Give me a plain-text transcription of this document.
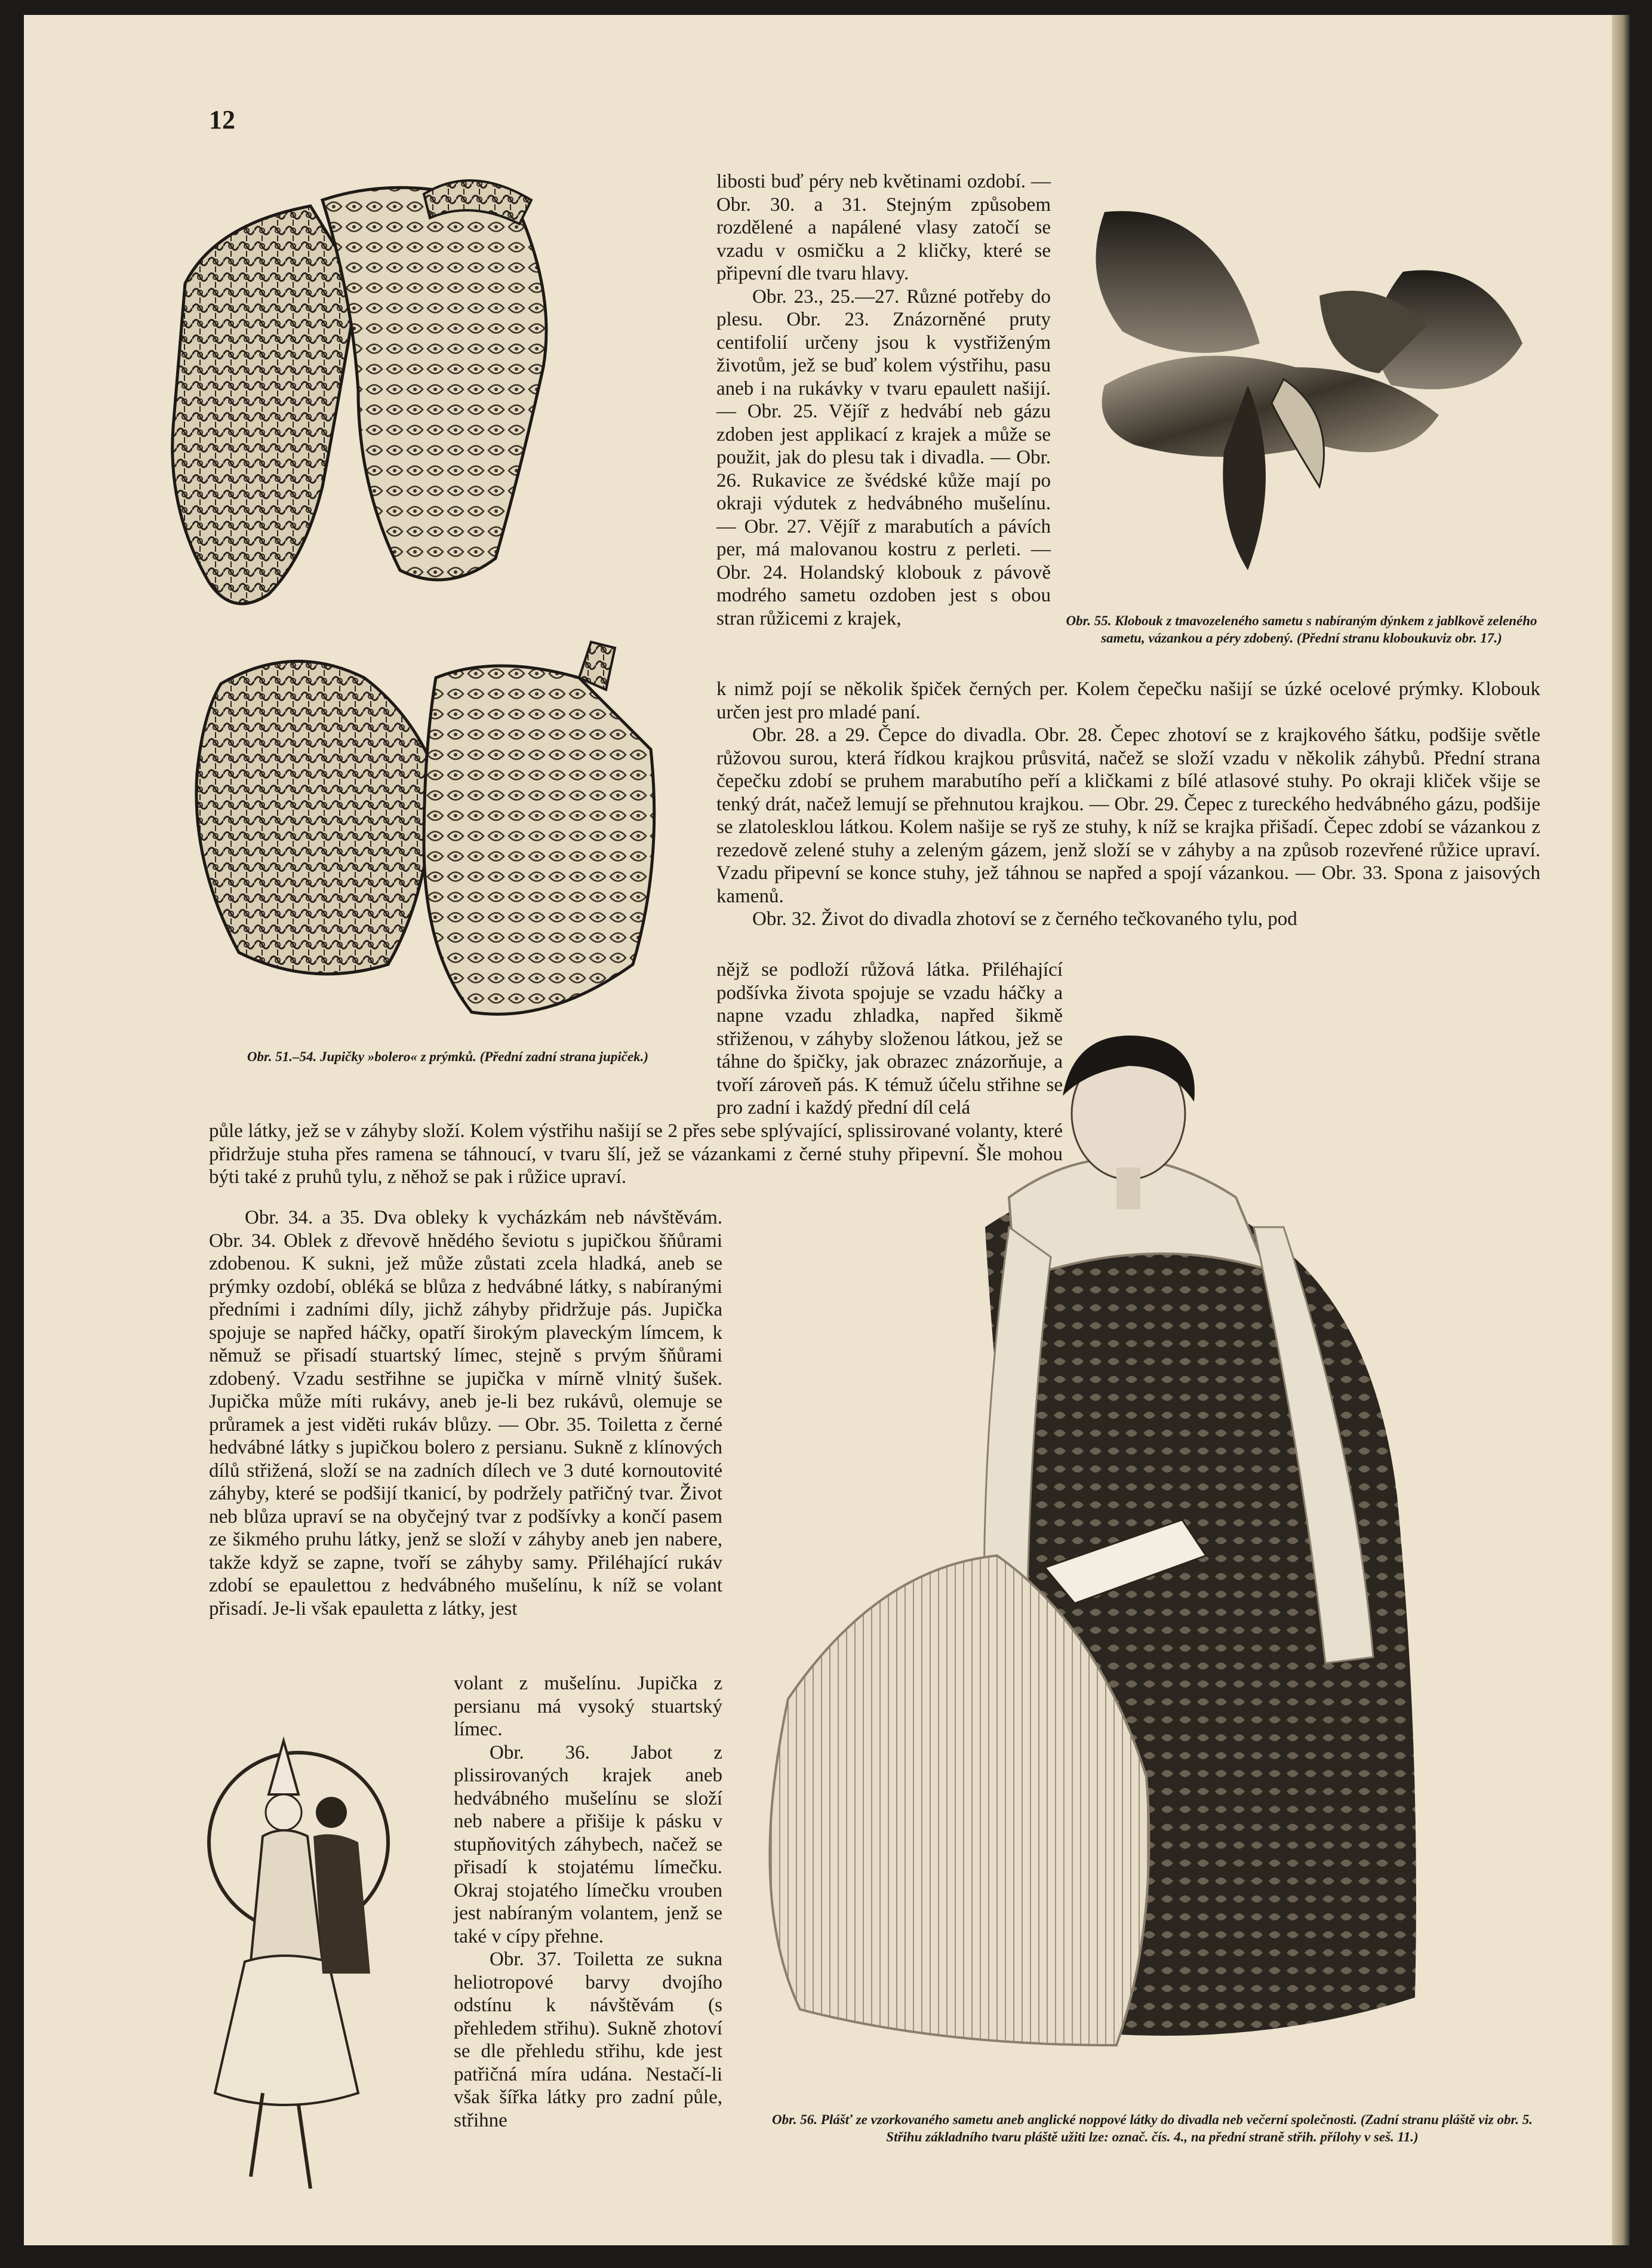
12
Obr. 51.–54. Jupičky »bolero« z prýmků. (Přední zadní strana jupiček.)

libosti buď péry neb květinami ozdobí. — Obr. 30. a 31. Stejným způsobem rozdělené a napálené vlasy zatočí se vzadu v osmičku a 2 kličky, které se připevní dle tvaru hlavy.

Obr. 23., 25.—27. Různé potřeby do plesu. Obr. 23. Znázorněné pruty centifolií určeny jsou k vystřiženým životům, jež se buď kolem výstřihu, pasu aneb i na rukávky v tvaru epaulett našijí. — Obr. 25. Vějíř z hedvábí neb gázu zdoben jest applikací z krajek a může se použit, jak do plesu tak i divadla. — Obr. 26. Rukavice ze švédské kůže mají po okraji výdutek z hedvábného mušelínu. — Obr. 27. Vějíř z marabutích a pávích per, má malovanou kostru z perleti. — Obr. 24. Holandský klobouk z pávově modrého sametu ozdoben jest s obou stran růžicemi z krajek,	Obr. 55. Klobouk z tmavozeleného sametu s nabíraným dýnkem z jablkově zeleného sametu, vázankou a péry zdobený. (Přední stranu kloboukuviz obr. 17.)

k nimž pojí se několik špiček černých per. Kolem čepečku našijí se úzké ocelové prýmky. Klobouk určen jest pro mladé paní.

Obr. 28. a 29. Čepce do divadla. Obr. 28. Čepec zhotoví se z krajkového šátku, podšije světle růžovou surou, která řídkou krajkou průsvitá, načež se složí vzadu v několik záhybů. Přední strana čepečku zdobí se pruhem marabutího peří a kličkami z bílé atlasové stuhy. Po okraji kliček všije se tenký drát, načež lemují se přehnutou krajkou. — Obr. 29. Čepec z tureckého hedvábného gázu, podšije se zlatolesklou látkou. Kolem našije se ryš ze stuhy, k níž se krajka přišadí. Čepec zdobí se vázankou z rezedově zelené stuhy a zeleným gázem, jenž složí se v záhyby a na způsob rozevřené růžice upraví. Vzadu připevní se konce stuhy, jež táhnou se napřed a spojí vázankou. — Obr. 33. Spona z jaisových kamenů.

Obr. 32. Život do divadla zhotoví se z černého tečkovaného tylu, pod

nějž se podloží růžová látka. Přiléhající podšívka života spojuje se vzadu háčky a napne vzadu zhladka, napřed šikmě střiženou, v záhyby složenou látkou, jež se táhne do špičky, jak obrazec znázorňuje, a tvoří zároveň pás. K témuž účelu střihne se pro zadní i každý přední díl celá

půle látky, jež se v záhyby složí. Kolem výstřihu našijí se 2 přes sebe splývající, splissirované volanty, které přidržuje stuha přes ramena se táhnoucí, v tvaru šlí, jež se vázankami z černé stuhy připevní. Šle mohou býti také z pruhů tylu, z něhož se pak i růžice upraví.

Obr. 56. Plášť ze vzorkovaného sametu aneb anglické noppové látky do divadla neb večerní společnosti. (Zadní stranu pláště viz obr. 5. Střihu základního tvaru pláště užiti lze: označ. čís. 4., na přední straně střih. přílohy v seš. 11.)

Obr. 34. a 35. Dva obleky k vycházkám neb návštěvám. Obr. 34. Oblek z dřevově hnědého ševiotu s jupičkou šňůrami zdobenou. K sukni, jež může zůstati zcela hladká, aneb se prýmky ozdobí, obléká se blůza z hedvábné látky, s nabíranými předními i zadními díly, jichž záhyby přidržuje pás. Jupička spojuje se napřed háčky, opatří širokým plaveckým límcem, k němuž se přisadí stuartský límec, stejně s prvým šňůrami zdobený. Vzadu sestřihne se jupička v mírně vlnitý šušek. Jupička může míti rukávy, aneb je-li bez rukávů, olemuje se průramek a jest viděti rukáv blůzy. — Obr. 35. Toiletta z černé hedvábné látky s jupičkou bolero z persianu. Sukně z klínových dílů střižená, složí se na zadních dílech ve 3 duté kornoutovité záhyby, které se podšijí tkanicí, by podržely patřičný tvar. Život neb blůza upraví se na obyčejný tvar z podšívky a končí pasem ze šikmého pruhu látky, jenž se složí v záhyby aneb jen nabere, takže když se zapne, tvoří se záhyby samy. Přiléhající rukáv zdobí se epaulettou z hedvábného mušelínu, k níž se volant přisadí. Je-li však epauletta z látky, jest

volant z mušelínu. Jupička z persianu má vysoký stuartský límec.

Obr. 36. Jabot z plissirovaných krajek aneb hedvábného mušelínu se složí neb nabere a přišije k pásku v stupňovitých záhybech, načež se přisadí k stojatému límečku. Okraj stojatého límečku vrouben jest nabíraným volantem, jenž se také v cípy přehne.

Obr. 37. Toiletta ze sukna heliotropové barvy dvojího odstínu k návštěvám (s přehledem střihu). Sukně zhotoví se dle přehledu střihu, kde jest patřičná míra udána. Nestačí-li však šířka látky pro zadní půle, střihne
